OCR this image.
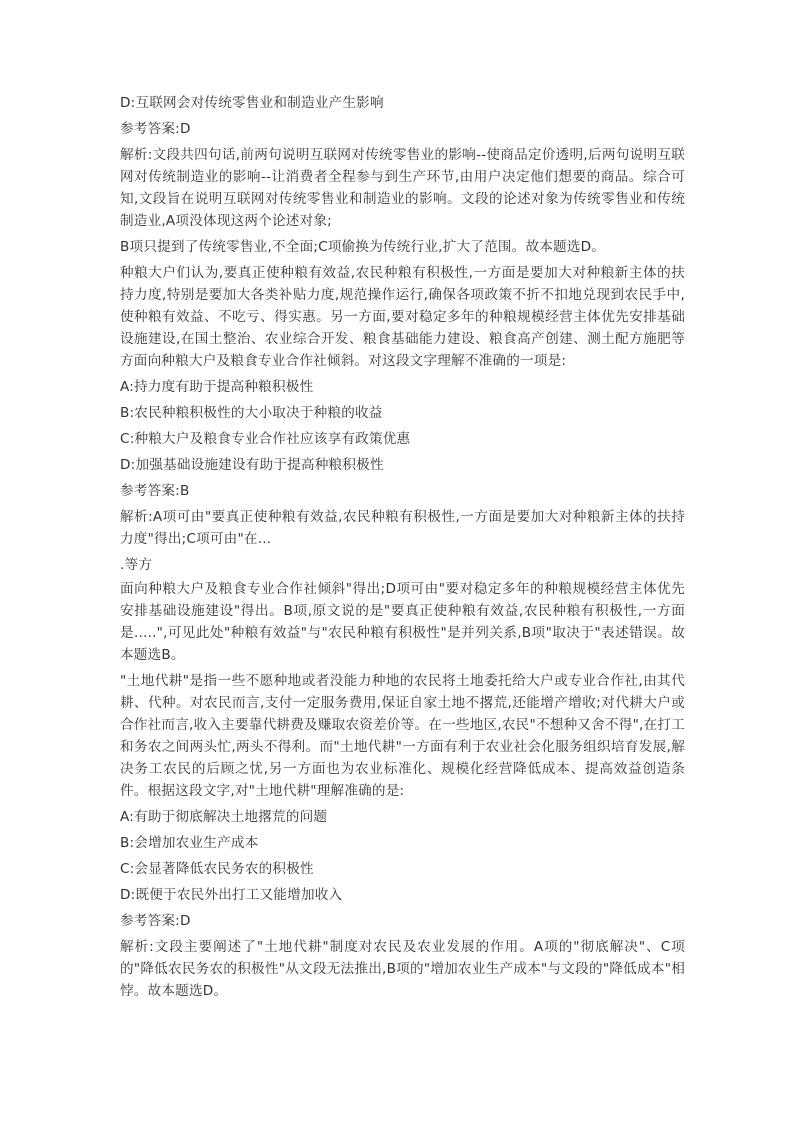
D:互联网会对传统零售业和制造业产生影响

参考答案:D

解析:文段共四句话,前两句说明互联网对传统零售业的影响--使商品定价透明,后两句说明互联网对传统制造业的影响--让消费者全程参与到生产环节,由用户决定他们想要的商品。综合可知,文段旨在说明互联网对传统零售业和制造业的影响。文段的论述对象为传统零售业和传统制造业,A项没体现这两个论述对象;

B项只提到了传统零售业,不全面;C项偷换为传统行业,扩大了范围。故本题选D。

种粮大户们认为,要真正使种粮有效益,农民种粮有积极性,一方面是要加大对种粮新主体的扶持力度,特别是要加大各类补贴力度,规范操作运行,确保各项政策不折不扣地兑现到农民手中,使种粮有效益、不吃亏、得实惠。另一方面,要对稳定多年的种粮规模经营主体优先安排基础设施建设,在国土整治、农业综合开发、粮食基础能力建设、粮食高产创建、测土配方施肥等方面向种粮大户及粮食专业合作社倾斜。对这段文字理解不准确的一项是:

A:持力度有助于提高种粮积极性

B:农民种粮积极性的大小取决于种粮的收益

C:种粮大户及粮食专业合作社应该享有政策优惠

D:加强基础设施建设有助于提高种粮积极性

参考答案:B

解析:A项可由"要真正使种粮有效益,农民种粮有积极性,一方面是要加大对种粮新主体的扶持力度"得出;C项可由"在...

.等方

面向种粮大户及粮食专业合作社倾斜"得出;D项可由"要对稳定多年的种粮规模经营主体优先安排基础设施建设"得出。B项,原文说的是"要真正使种粮有效益,农民种粮有积极性,一方面是.....",可见此处"种粮有效益"与"农民种粮有积极性"是并列关系,B项"取决于"表述错误。故本题选B。

"土地代耕"是指一些不愿种地或者没能力种地的农民将土地委托给大户或专业合作社,由其代耕、代种。对农民而言,支付一定服务费用,保证自家土地不撂荒,还能增产增收;对代耕大户或合作社而言,收入主要靠代耕费及赚取农资差价等。在一些地区,农民"不想种又舍不得",在打工和务农之间两头忙,两头不得利。而"土地代耕"一方面有利于农业社会化服务组织培育发展,解决务工农民的后顾之忧,另一方面也为农业标准化、规模化经营降低成本、提高效益创造条件。根据这段文字,对"土地代耕"理解准确的是:

A:有助于彻底解决土地撂荒的问题

B:会增加农业生产成本

C:会显著降低农民务农的积极性

D:既便于农民外出打工又能增加收入

参考答案:D

解析:文段主要阐述了"土地代耕"制度对农民及农业发展的作用。A项的"彻底解决"、C项的"降低农民务农的积极性"从文段无法推出,B项的"增加农业生产成本"与文段的"降低成本"相悖。故本题选D。
